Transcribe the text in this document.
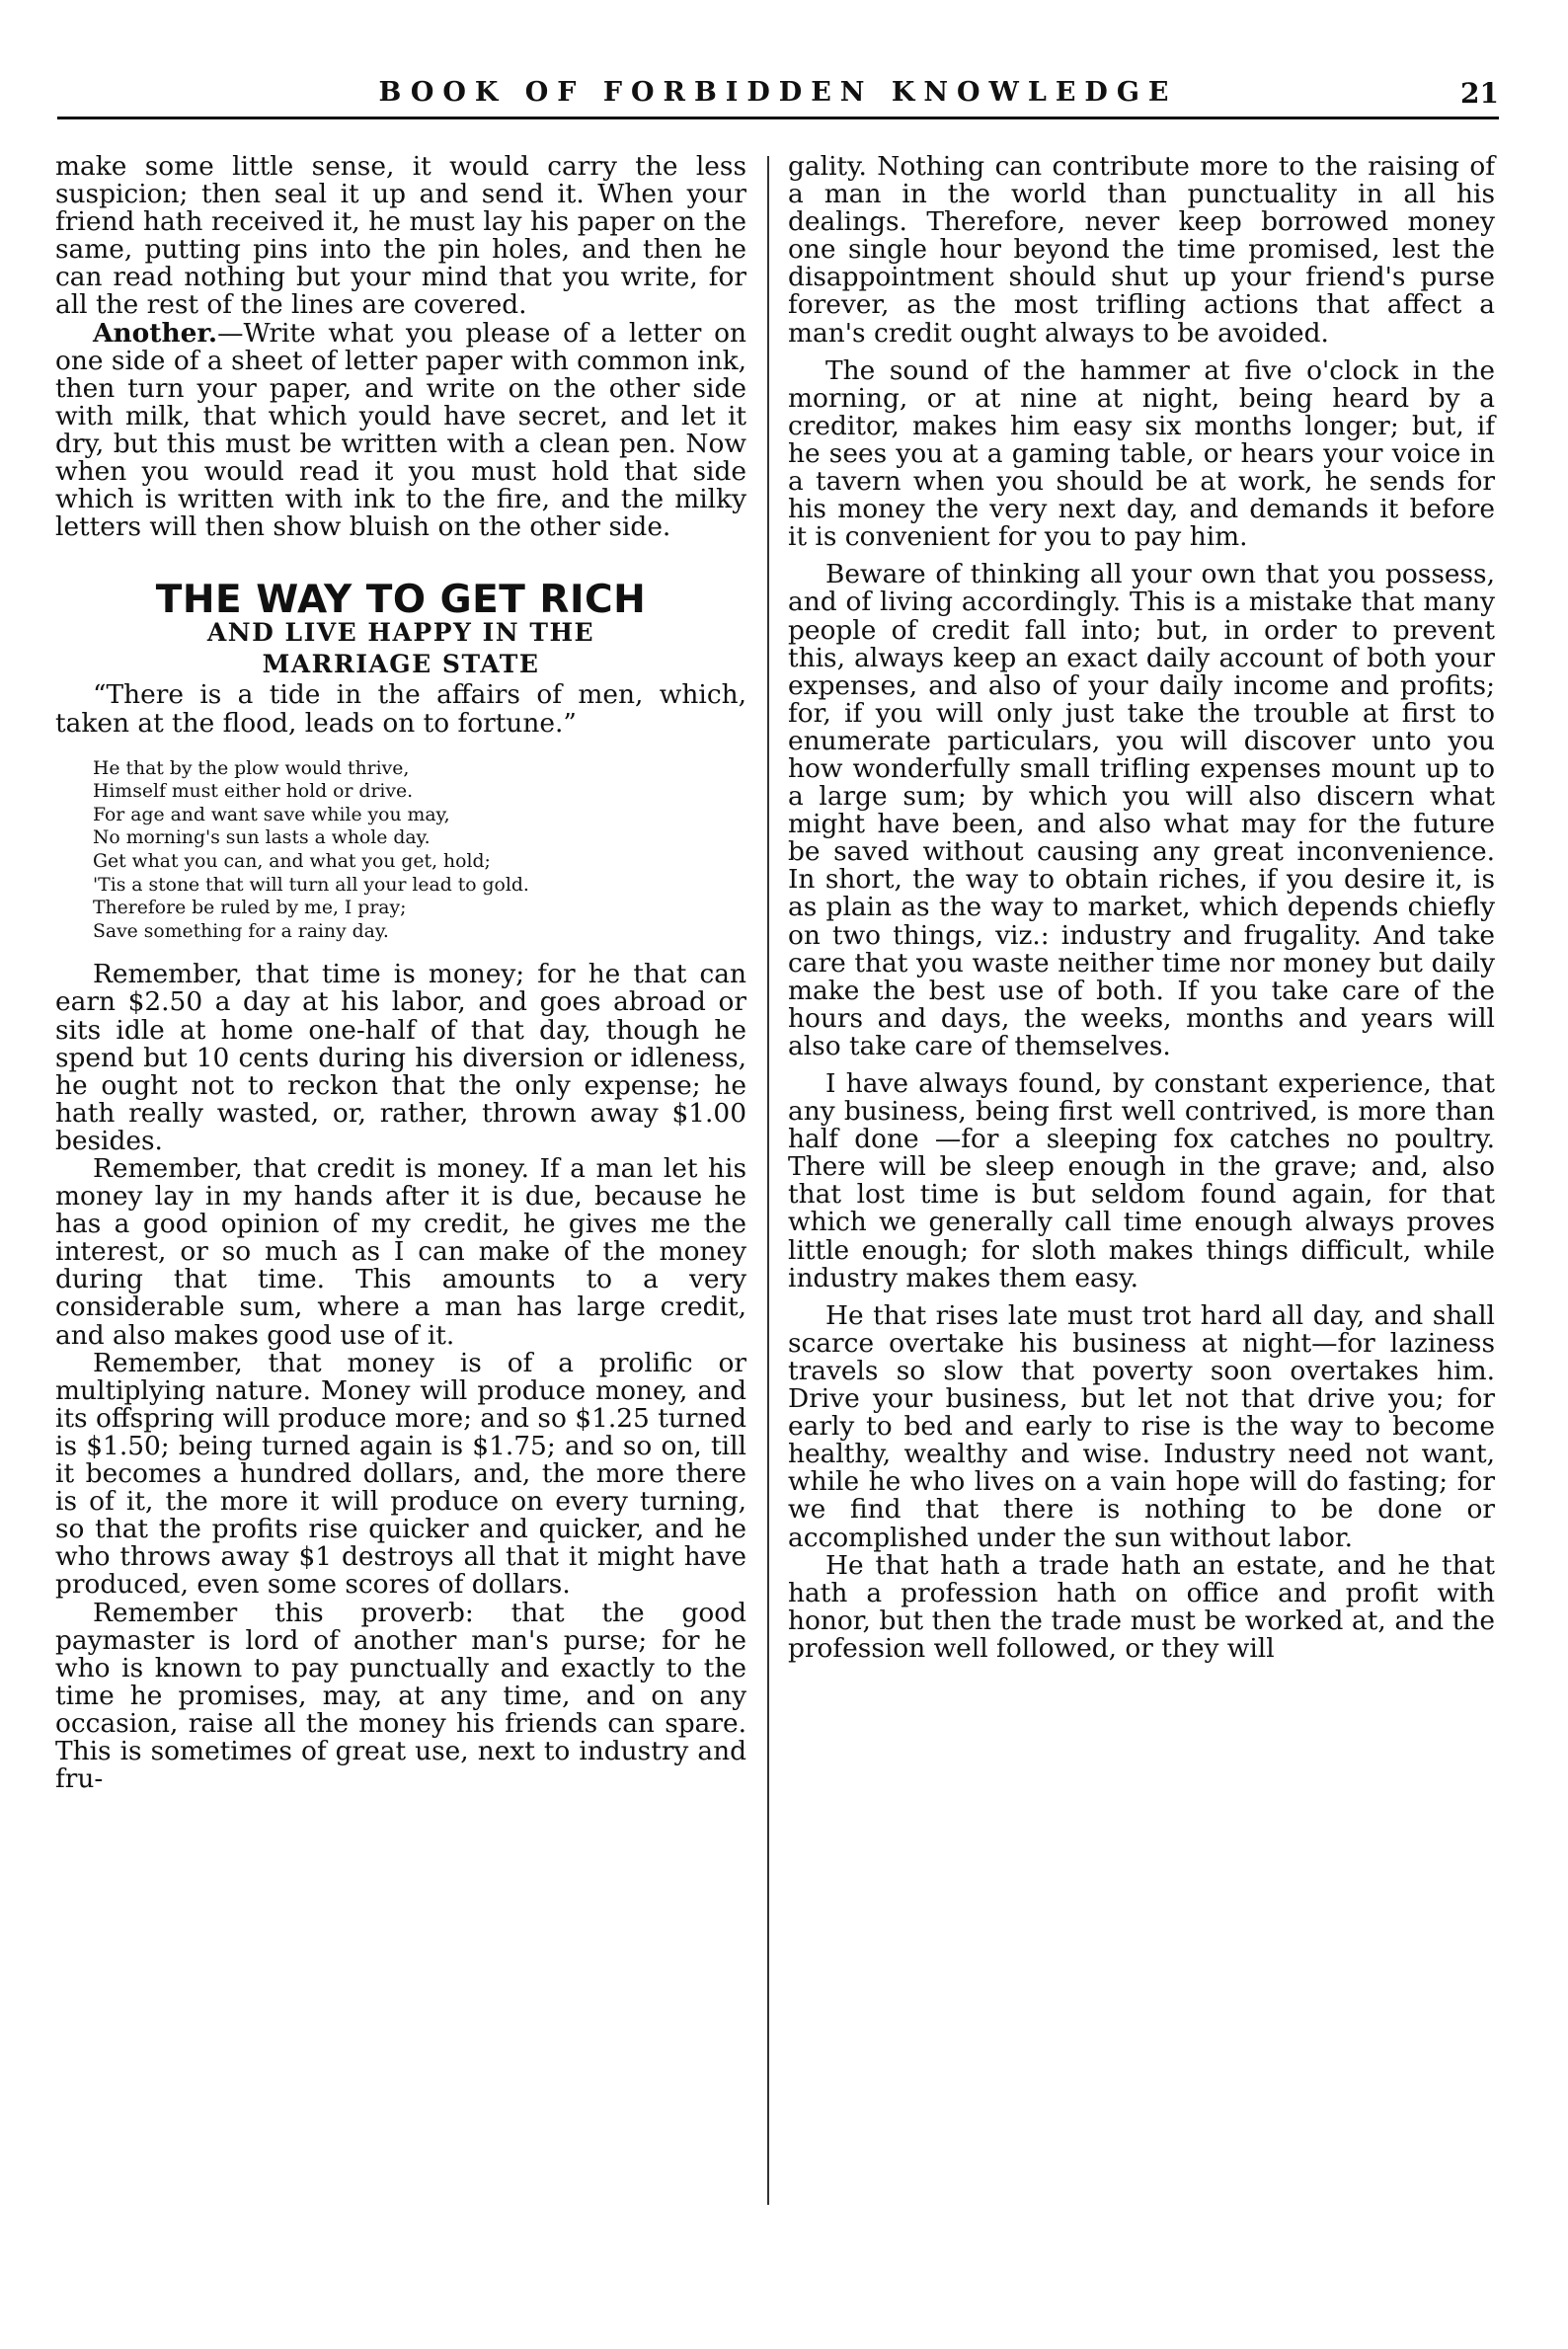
BOOK OF FORBIDDEN KNOWLEDGE	21

make some little sense, it would carry the less suspicion; then seal it up and send it. When your friend hath received it, he must lay his paper on the same, putting pins into the pin holes, and then he can read nothing but your mind that you write, for all the rest of the lines are covered.

Another.—Write what you please of a letter on one side of a sheet of letter paper with common ink, then turn your paper, and write on the other side with milk, that which yould have secret, and let it dry, but this must be written with a clean pen. Now when you would read it you must hold that side which is written with ink to the fire, and the milky letters will then show bluish on the other side.

THE WAY TO GET RICH
AND LIVE HAPPY IN THE
MARRIAGE STATE

“There is a tide in the affairs of men, which, taken at the flood, leads on to fortune.”

He that by the plow would thrive,
Himself must either hold or drive.
For age and want save while you may,
No morning's sun lasts a whole day.
Get what you can, and what you get, hold;
'Tis a stone that will turn all your lead to gold.
Therefore be ruled by me, I pray;
Save something for a rainy day.

Remember, that time is money; for he that can earn $2.50 a day at his labor, and goes abroad or sits idle at home one-half of that day, though he spend but 10 cents during his diversion or idleness, he ought not to reckon that the only expense; he hath really wasted, or, rather, thrown away $1.00 besides.

Remember, that credit is money. If a man let his money lay in my hands after it is due, because he has a good opinion of my credit, he gives me the interest, or so much as I can make of the money during that time. This amounts to a very considerable sum, where a man has large credit, and also makes good use of it.

Remember, that money is of a prolific or multiplying nature. Money will produce money, and its offspring will produce more; and so $1.25 turned is $1.50; being turned again is $1.75; and so on, till it becomes a hundred dollars, and, the more there is of it, the more it will produce on every turning, so that the profits rise quicker and quicker, and he who throws away $1 destroys all that it might have produced, even some scores of dollars.

Remember this proverb: that the good paymaster is lord of another man's purse; for he who is known to pay punctually and exactly to the time he promises, may, at any time, and on any occasion, raise all the money his friends can spare. This is sometimes of great use, next to industry and fru-

gality. Nothing can contribute more to the raising of a man in the world than punctuality in all his dealings. Therefore, never keep borrowed money one single hour beyond the time promised, lest the disappointment should shut up your friend's purse forever, as the most trifling actions that affect a man's credit ought always to be avoided.

The sound of the hammer at five o'clock in the morning, or at nine at night, being heard by a creditor, makes him easy six months longer; but, if he sees you at a gaming table, or hears your voice in a tavern when you should be at work, he sends for his money the very next day, and demands it before it is convenient for you to pay him.

Beware of thinking all your own that you possess, and of living accordingly. This is a mistake that many people of credit fall into; but, in order to prevent this, always keep an exact daily account of both your expenses, and also of your daily income and profits; for, if you will only just take the trouble at first to enumerate particulars, you will discover unto you how wonderfully small trifling expenses mount up to a large sum; by which you will also discern what might have been, and also what may for the future be saved without causing any great inconvenience. In short, the way to obtain riches, if you desire it, is as plain as the way to market, which depends chiefly on two things, viz.: industry and frugality. And take care that you waste neither time nor money but daily make the best use of both. If you take care of the hours and days, the weeks, months and years will also take care of themselves.

I have always found, by constant experience, that any business, being first well contrived, is more than half done —for a sleeping fox catches no poultry. There will be sleep enough in the grave; and, also that lost time is but seldom found again, for that which we generally call time enough always proves little enough; for sloth makes things difficult, while industry makes them easy.

He that rises late must trot hard all day, and shall scarce overtake his business at night—for laziness travels so slow that poverty soon overtakes him. Drive your business, but let not that drive you; for early to bed and early to rise is the way to become healthy, wealthy and wise. Industry need not want, while he who lives on a vain hope will do fasting; for we find that there is nothing to be done or accomplished under the sun without labor.

He that hath a trade hath an estate, and he that hath a profession hath on office and profit with honor, but then the trade must be worked at, and the profession well followed, or they will
